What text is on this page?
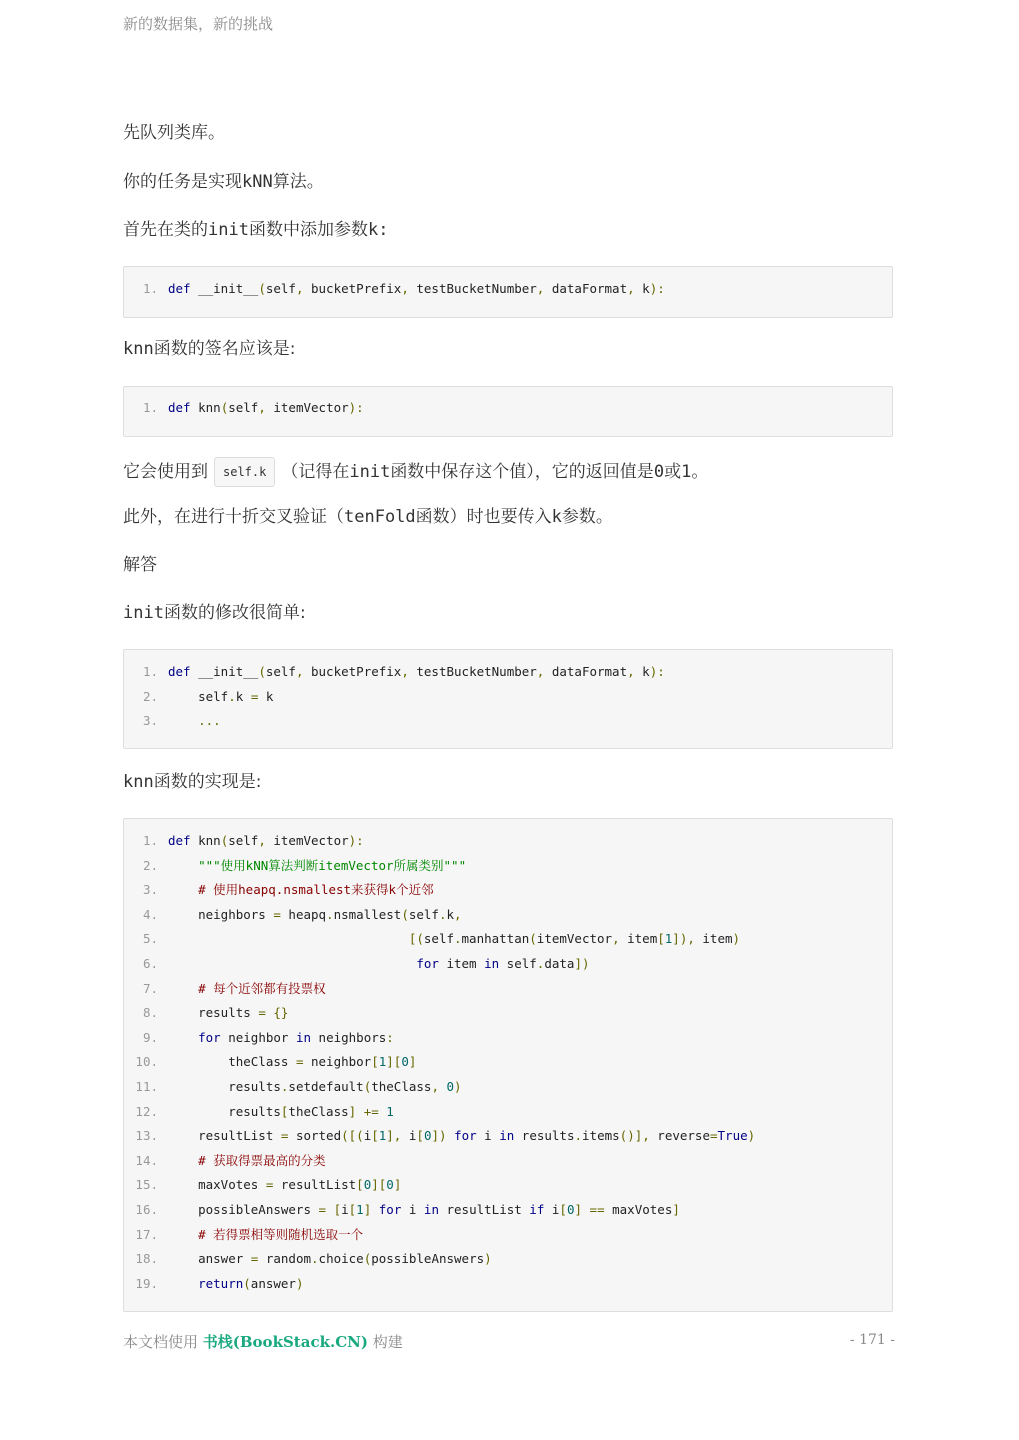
新的数据集，新的挑战
先队列类库。
你的任务是实现kNN算法。
首先在类的init函数中添加参数k:
1. def __init__(self, bucketPrefix, testBucketNumber, dataFormat, k):
knn函数的签名应该是:
1. def knn(self, itemVector):
它会使用到 self.k （记得在init函数中保存这个值），它的返回值是0或1。
此外，在进行十折交叉验证（tenFold函数）时也要传入k参数。
解答
init函数的修改很简单:
1. def __init__(self, bucketPrefix, testBucketNumber, dataFormat, k):
2.    self.k = k
3.	...
knn函数的实现是:
1. def knn(self, itemVector):
2.	"""使用kNN算法判断itemVector所属类别"""
3.	# 使用heapq.nsmallest来获得k个近邻
4.    neighbors = heapq.nsmallest(self.k,
5.	[(self.manhattan(itemVector, item[1]), item)
6.	for item in self.data])
7.	# 每个近邻都有投票权
8.    results = {}
9.	for neighbor in neighbors:
10.        theClass = neighbor[1][0]
11.        results.setdefault(theClass, 0)
12.        results[theClass] += 1
13.    resultList = sorted([(i[1], i[0]) for i in results.items()], reverse=True)
14.	# 获取得票最高的分类
15.    maxVotes = resultList[0][0]
16.    possibleAnswers = [i[1] for i in resultList if i[0] == maxVotes]
17.	# 若得票相等则随机选取一个
18.    answer = random.choice(possibleAnswers)
19.	return(answer)
本文档使用 书栈(BookStack.CN) 构建	- 171 -
